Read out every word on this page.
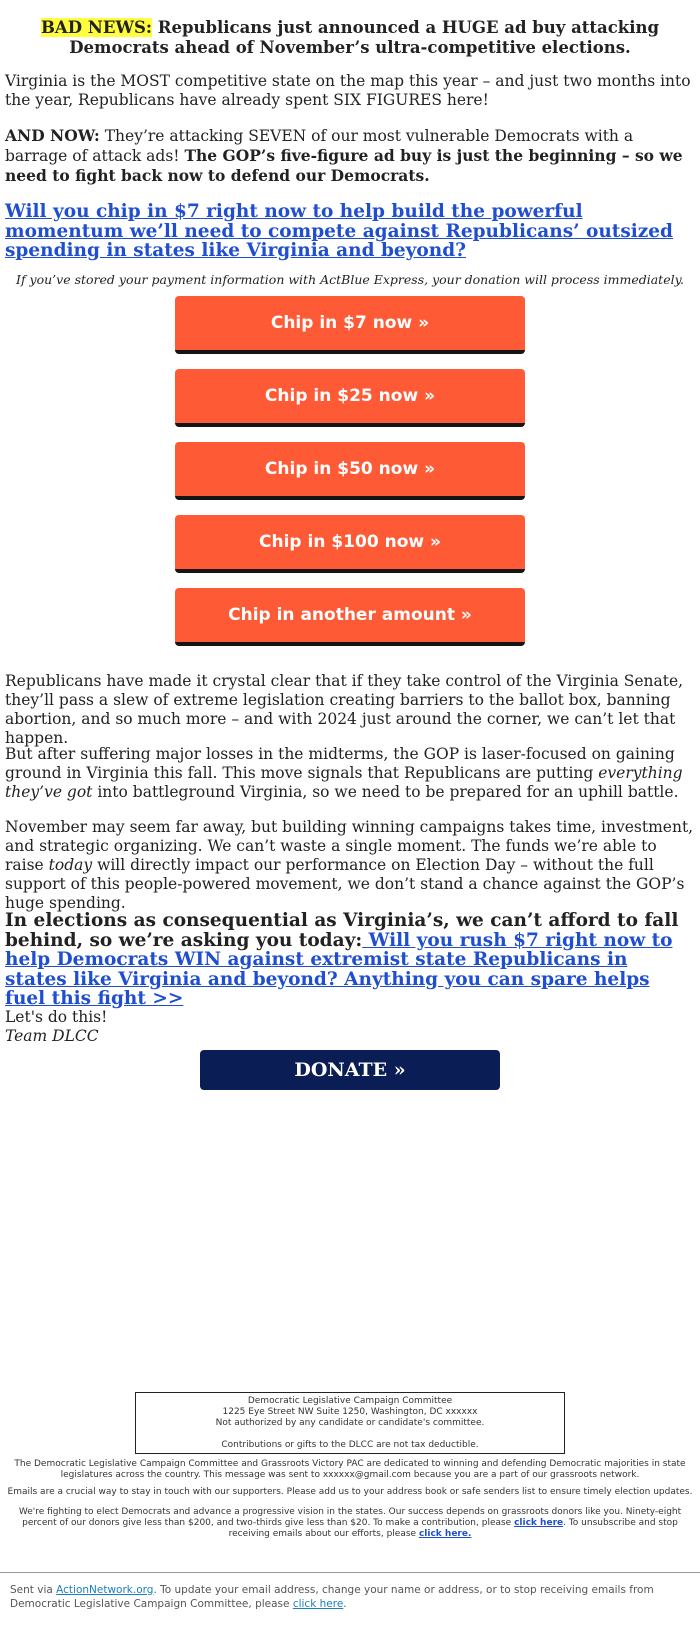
BAD NEWS: Republicans just announced a HUGE ad buy attacking Democrats ahead of November’s ultra-competitive elections.
Virginia is the MOST competitive state on the map this year – and just two months into the year, Republicans have already spent SIX FIGURES here!
AND NOW: They’re attacking SEVEN of our most vulnerable Democrats with a barrage of attack ads! The GOP’s five-figure ad buy is just the beginning – so we need to fight back now to defend our Democrats.
Will you chip in $7 right now to help build the powerful momentum we’ll need to compete against Republicans’ outsized spending in states like Virginia and beyond?
If you’ve stored your payment information with ActBlue Express, your donation will process immediately.
Chip in $7 now »
Chip in $25 now »
Chip in $50 now »
Chip in $100 now »
Chip in another amount »
Republicans have made it crystal clear that if they take control of the Virginia Senate, they’ll pass a slew of extreme legislation creating barriers to the ballot box, banning abortion, and so much more – and with 2024 just around the corner, we can’t let that happen.
But after suffering major losses in the midterms, the GOP is laser-focused on gaining ground in Virginia this fall. This move signals that Republicans are putting everything they’ve got into battleground Virginia, so we need to be prepared for an uphill battle.
November may seem far away, but building winning campaigns takes time, investment, and strategic organizing. We can’t waste a single moment. The funds we’re able to raise today will directly impact our performance on Election Day – without the full support of this people-powered movement, we don’t stand a chance against the GOP’s huge spending.
In elections as consequential as Virginia’s, we can’t afford to fall behind, so we’re asking you today: Will you rush $7 right now to help Democrats WIN against extremist state Republicans in states like Virginia and beyond? Anything you can spare helps fuel this fight >>
Let's do this!
Team DLCC
DONATE »
Democratic Legislative Campaign Committee
1225 Eye Street NW Suite 1250, Washington, DC xxxxxx
Not authorized by any candidate or candidate's committee.
Contributions or gifts to the DLCC are not tax deductible.
The Democratic Legislative Campaign Committee and Grassroots Victory PAC are dedicated to winning and defending Democratic majorities in state legislatures across the country. This message was sent to xxxxxx@gmail.com because you are a part of our grassroots network.
Emails are a crucial way to stay in touch with our supporters. Please add us to your address book or safe senders list to ensure timely election updates.
We're fighting to elect Democrats and advance a progressive vision in the states. Our success depends on grassroots donors like you. Ninety-eight percent of our donors give less than $200, and two-thirds give less than $20. To make a contribution, please click here. To unsubscribe and stop receiving emails about our efforts, please click here.
Sent via ActionNetwork.org. To update your email address, change your name or address, or to stop receiving emails from Democratic Legislative Campaign Committee, please click here.
